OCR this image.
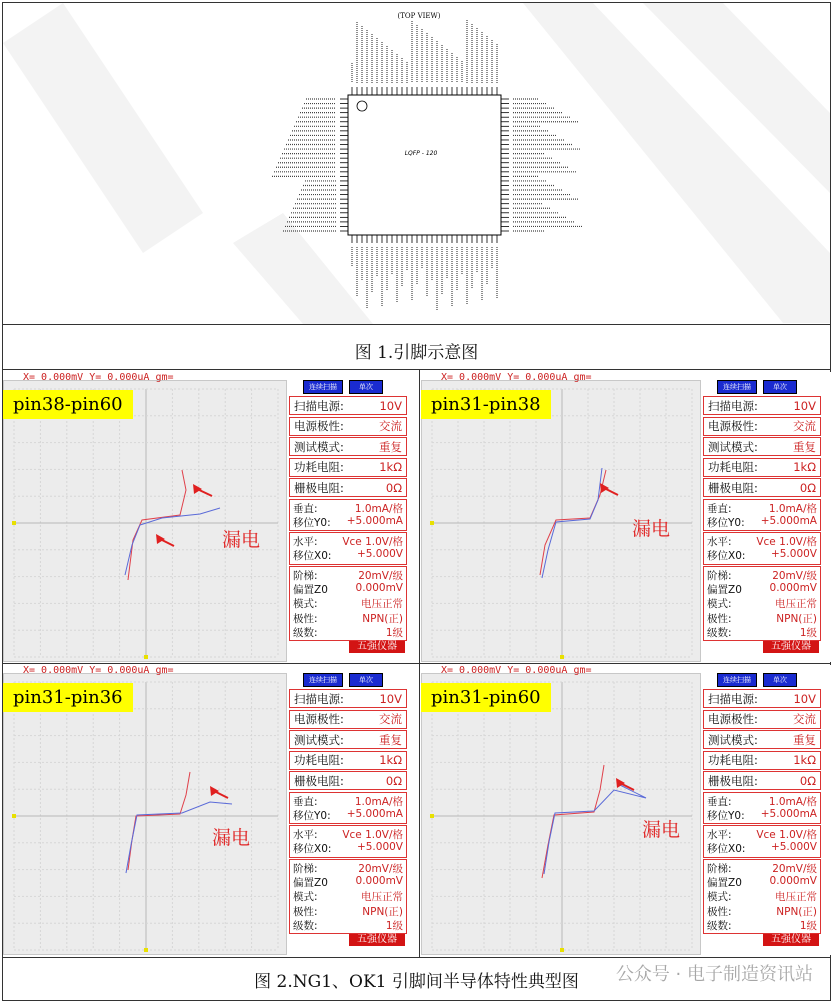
(TOP VIEW)
LQFP - 120
图 1.引脚示意图
X= 0.000mV Y= 0.000uA gm=
pin38-pin60
连续扫描	单次
扫描电源:	10V
电源极性:	交流
测试模式:	重复
功耗电阻:	1kΩ
栅极电阻:	0Ω
垂直:	1.0mA/格
移位Y0: +5.000mA
水平: Vce 1.0V/格
移位X0: +5.000V
阶梯:	20mV/级
偏置Z0	0.000mV
模式:	电压正常
极性:	NPN(正)
级数:	1级
五强仪器
X= 0.000mV Y= 0.000uA gm=
pin31-pin38
连续扫描	单次
扫描电源:	10V
电源极性:	交流
测试模式:	重复
功耗电阻:	1kΩ
栅极电阻:	0Ω
垂直:	1.0mA/格
移位Y0: +5.000mA
水平: Vce 1.0V/格
移位X0: +5.000V
阶梯:	20mV/级
偏置Z0	0.000mV
模式:	电压正常
极性:	NPN(正)
级数:	1级
五强仪器
X= 0.000mV Y= 0.000uA gm=
pin31-pin36
连续扫描	单次
扫描电源:	10V
电源极性:	交流
测试模式:	重复
功耗电阻:	1kΩ
栅极电阻:	0Ω
垂直:	1.0mA/格
移位Y0: +5.000mA
水平: Vce 1.0V/格
移位X0: +5.000V
阶梯:	20mV/级
偏置Z0	0.000mV
模式:	电压正常
极性:	NPN(正)
级数:	1级
五强仪器
X= 0.000mV Y= 0.000uA gm=
pin31-pin60
连续扫描	单次
扫描电源:	10V
电源极性:	交流
测试模式:	重复
功耗电阻:	1kΩ
栅极电阻:	0Ω
垂直:	1.0mA/格
移位Y0: +5.000mA
水平: Vce 1.0V/格
移位X0: +5.000V
阶梯:	20mV/级
偏置Z0	0.000mV
模式:	电压正常
极性:	NPN(正)
级数:	1级
五强仪器
图 2.NG1、OK1 引脚间半导体特性典型图	公众号 · 电子制造资讯站
漏电	漏电
漏电	漏电
